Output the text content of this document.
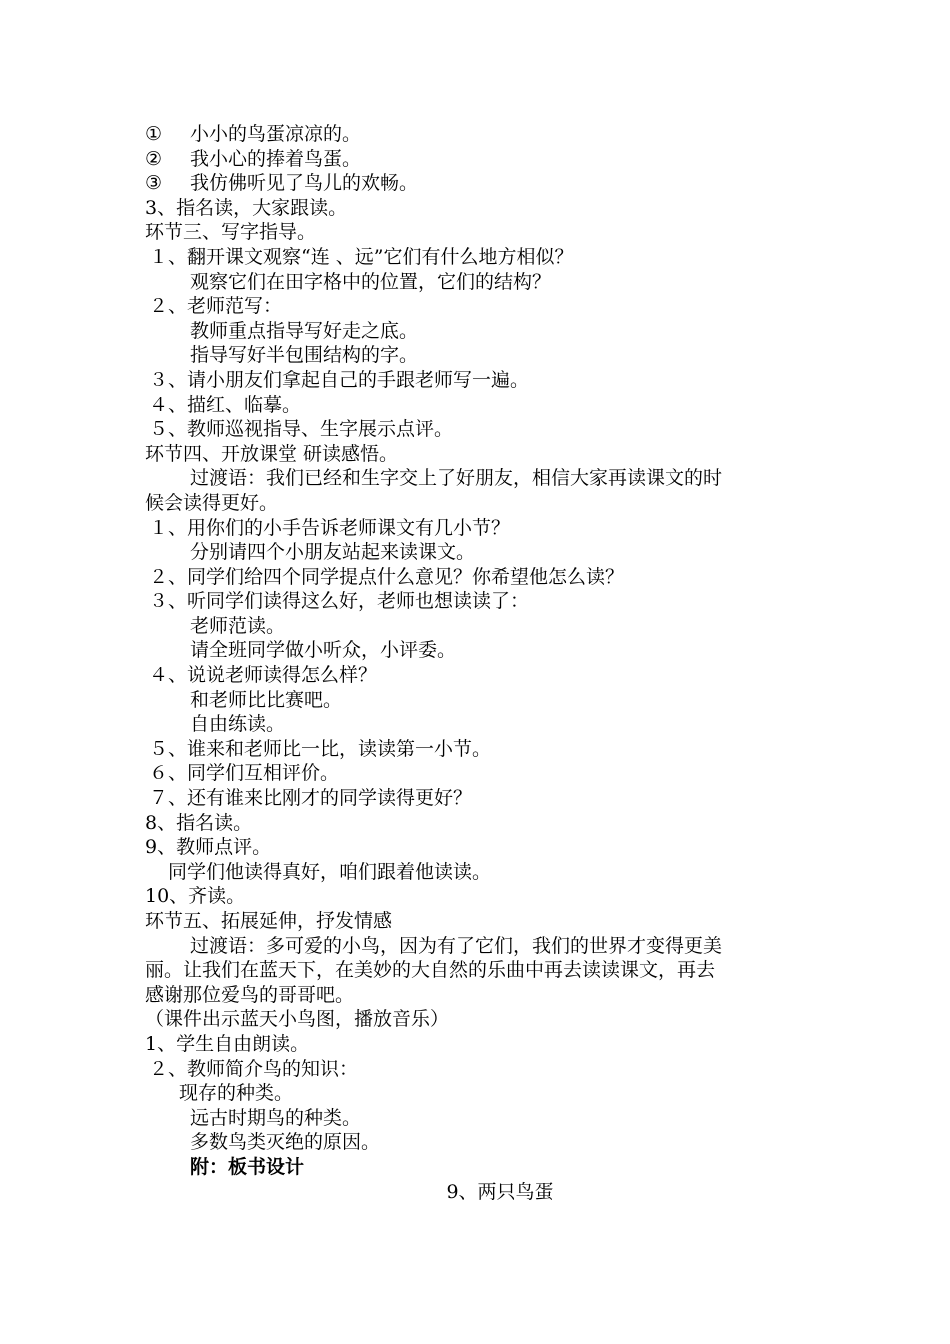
① 小小的鸟蛋凉凉的。
② 我小心的捧着鸟蛋。
③ 我仿佛听见了鸟儿的欢畅。
3、指名读，大家跟读。
环节三、写字指导。
１、翻开课文观察“连 、远”它们有什么地方相似？
观察它们在田字格中的位置，它们的结构？
２、老师范写：
教师重点指导写好走之底。
指导写好半包围结构的字。
３、请小朋友们拿起自己的手跟老师写一遍。
４、描红、临摹。
５、教师巡视指导、生字展示点评。
环节四、开放课堂 研读感悟。
过渡语：我们已经和生字交上了好朋友，相信大家再读课文的时
候会读得更好。
１、用你们的小手告诉老师课文有几小节？
分别请四个小朋友站起来读课文。
２、同学们给四个同学提点什么意见？你希望他怎么读？
３、听同学们读得这么好，老师也想读读了：
老师范读。
请全班同学做小听众，小评委。
４、说说老师读得怎么样？
和老师比比赛吧。
自由练读。
５、谁来和老师比一比，读读第一小节。
６、同学们互相评价。
７、还有谁来比刚才的同学读得更好？
8、指名读。
9、教师点评。
同学们他读得真好，咱们跟着他读读。
10、齐读。
环节五、拓展延伸，抒发情感
过渡语：多可爱的小鸟，因为有了它们，我们的世界才变得更美
丽。让我们在蓝天下，在美妙的大自然的乐曲中再去读读课文，再去
感谢那位爱鸟的哥哥吧。
（课件出示蓝天小鸟图，播放音乐）
1、学生自由朗读。
２、教师简介鸟的知识：
现存的种类。
远古时期鸟的种类。
多数鸟类灭绝的原因。
附：板书设计
9、两只鸟蛋
